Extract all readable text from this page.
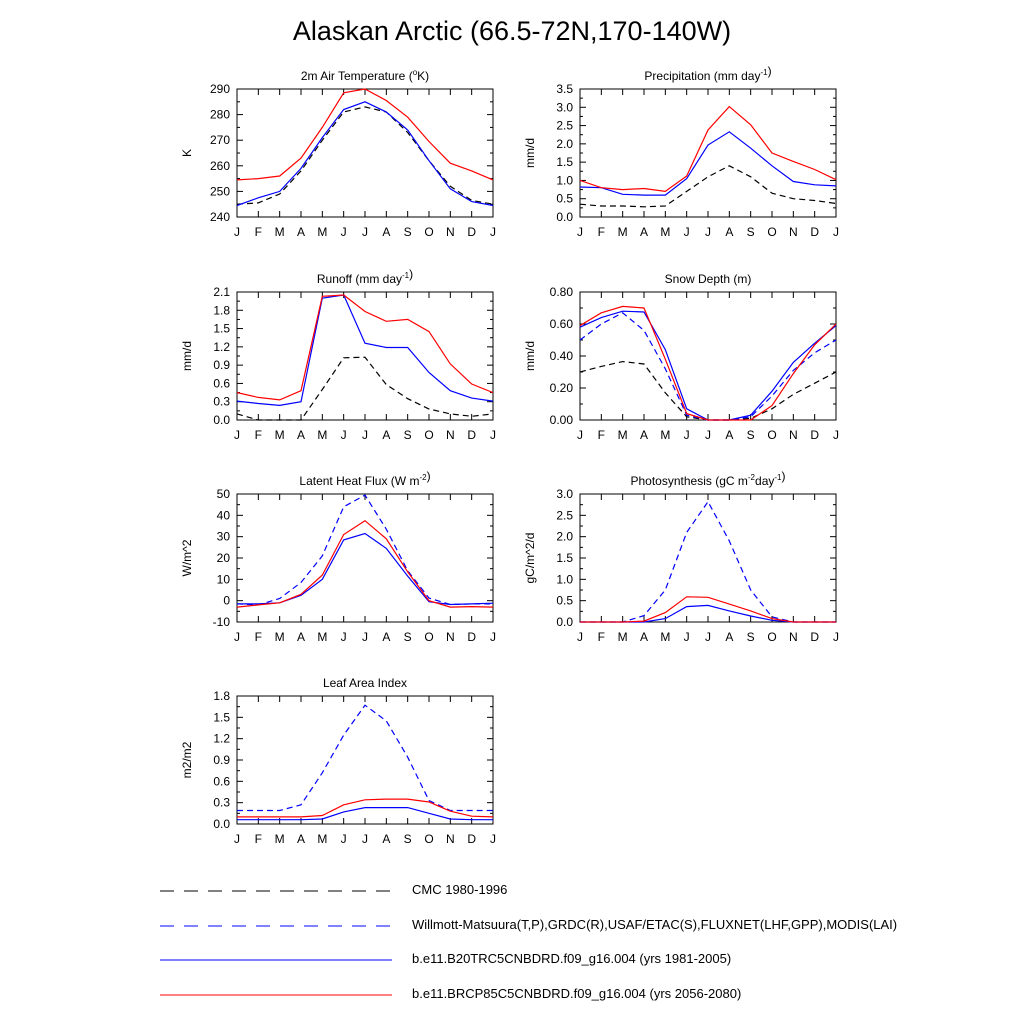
Alaskan Arctic (66.5-72N,170-140W)
2m Air Temperature ($^o$K)
K
240
250
260
270
280
290
J F M A M J J A S O N D J
Precipitation (mm day$^{-1}$)
mm/d
0.0
0.5
1.0
1.5
2.0
2.5
3.0
3.5
J F M A M J J A S O N D J
Runoff (mm day$^{-1}$)
mm/d
0.0
0.3
0.6
0.9
1.2
1.5
1.8
2.1
J F M A M J J A S O N D J
Snow Depth (m)
mm/d
0.00
0.20
0.40
0.60
0.80
J F M A M J J A S O N D J
Latent Heat Flux (W $m^{-2}$)
W/m^2
-10
0
10
20
30
40
50
J F M A M J J A S O N D J
Photosynthesis (gC $m^{-2}day^{-1}$)
gC/m^2/d
0.0
0.5
1.0
1.5
2.0
2.5
3.0
J F M A M J J A S O N D J
Leaf Area Index
m2/m2
0.0
0.3
0.6
0.9
1.2
1.5
1.8
J F M A M J J A S O N D J
CMC 1980-1996
Willmott-Matsuura(T,P),GRDC(R),USAF/ETAC(S),FLUXNET(LHF,GPP),MODIS(LAI)
b.e11.B20TRC5CNBDRD.f09_g16.004 (yrs 1981-2005)
b.e11.BRCP85C5CNBDRD.f09_g16.004 (yrs 2056-2080)
